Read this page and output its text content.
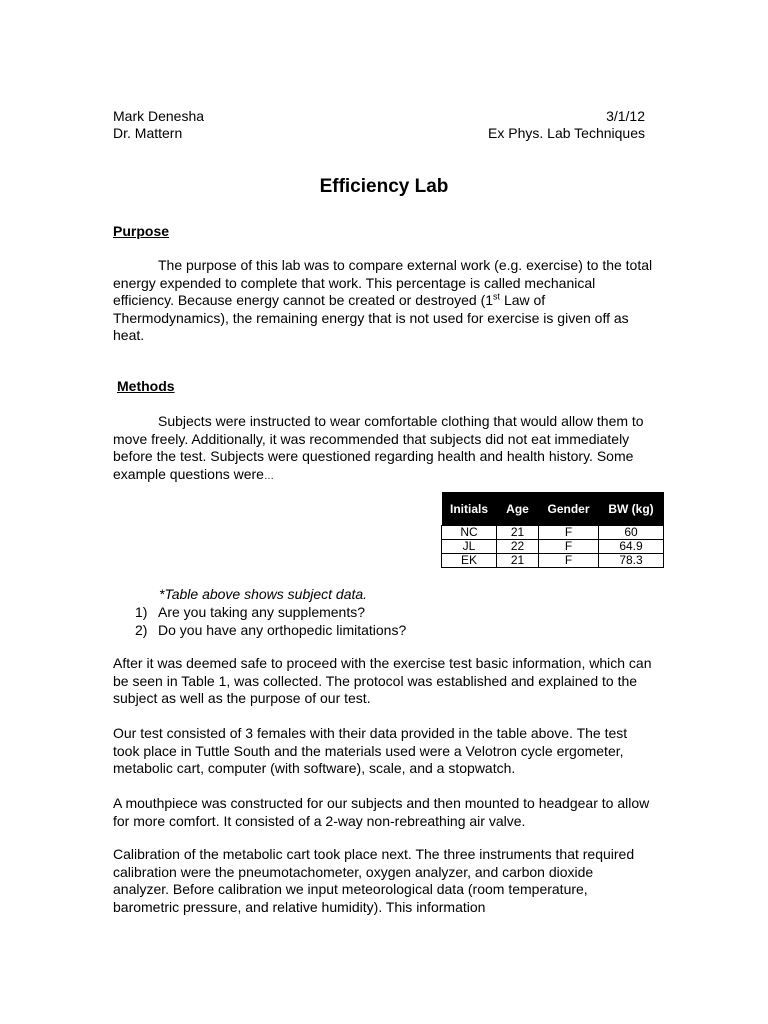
Mark Denesha	3/1/12
Dr. Mattern	Ex Phys. Lab Techniques
Efficiency Lab
Purpose

The purpose of this lab was to compare external work (e.g. exercise) to the total energy expended to complete that work. This percentage is called mechanical efficiency. Because energy cannot be created or destroyed (1st Law of Thermodynamics), the remaining energy that is not used for exercise is given off as heat.

Methods

Subjects were instructed to wear comfortable clothing that would allow them to move freely. Additionally, it was recommended that subjects did not eat immediately before the test. Subjects were questioned regarding health and health history. Some example questions were…

Initials	Age	Gender	BW (kg)
NC	21	F	60
JL	22	F	64.9
EK	21	F	78.3
*Table above shows subject data.
1) Are you taking any supplements?
2) Do you have any orthopedic limitations?

After it was deemed safe to proceed with the exercise test basic information, which can be seen in Table 1, was collected. The protocol was established and explained to the subject as well as the purpose of our test.

Our test consisted of 3 females with their data provided in the table above. The test took place in Tuttle South and the materials used were a Velotron cycle ergometer, metabolic cart, computer (with software), scale, and a stopwatch.

A mouthpiece was constructed for our subjects and then mounted to headgear to allow for more comfort. It consisted of a 2-way non-rebreathing air valve.

Calibration of the metabolic cart took place next. The three instruments that required calibration were the pneumotachometer, oxygen analyzer, and carbon dioxide analyzer. Before calibration we input meteorological data (room temperature, barometric pressure, and relative humidity). This information
